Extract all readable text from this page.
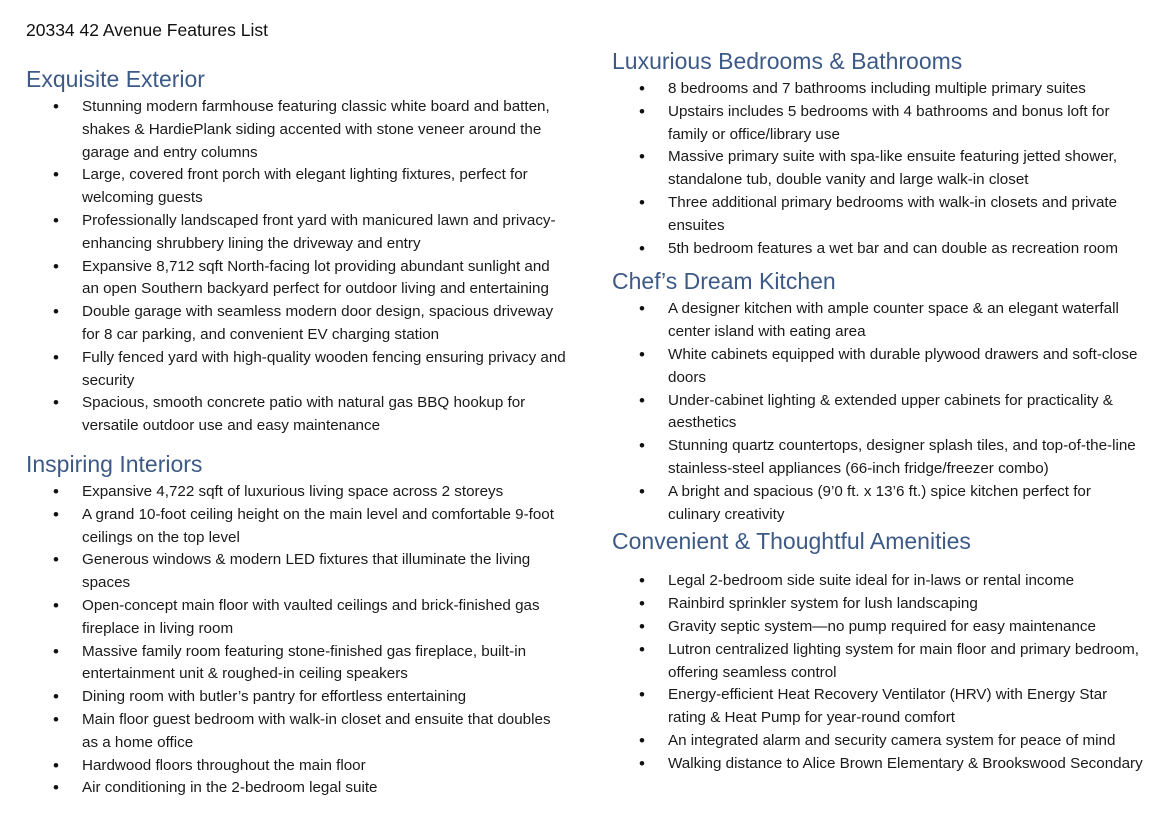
20334 42 Avenue Features List
Exquisite Exterior
• Stunning modern farmhouse featuring classic white board and batten, shakes & HardiePlank siding accented with stone veneer around the garage and entry columns
• Large, covered front porch with elegant lighting fixtures, perfect for welcoming guests
• Professionally landscaped front yard with manicured lawn and privacy-enhancing shrubbery lining the driveway and entry
• Expansive 8,712 sqft North-facing lot providing abundant sunlight and an open Southern backyard perfect for outdoor living and entertaining
• Double garage with seamless modern door design, spacious driveway for 8 car parking, and convenient EV charging station
• Fully fenced yard with high-quality wooden fencing ensuring privacy and security
• Spacious, smooth concrete patio with natural gas BBQ hookup for versatile outdoor use and easy maintenance
Inspiring Interiors
• Expansive 4,722 sqft of luxurious living space across 2 storeys
• A grand 10-foot ceiling height on the main level and comfortable 9-foot ceilings on the top level
• Generous windows & modern LED fixtures that illuminate the living spaces
• Open-concept main floor with vaulted ceilings and brick-finished gas fireplace in living room
• Massive family room featuring stone-finished gas fireplace, built-in entertainment unit & roughed-in ceiling speakers
• Dining room with butler’s pantry for effortless entertaining
• Main floor guest bedroom with walk-in closet and ensuite that doubles as a home office
• Hardwood floors throughout the main floor
• Air conditioning in the 2-bedroom legal suite
Luxurious Bedrooms & Bathrooms
• 8 bedrooms and 7 bathrooms including multiple primary suites
• Upstairs includes 5 bedrooms with 4 bathrooms and bonus loft for family or office/library use
• Massive primary suite with spa-like ensuite featuring jetted shower, standalone tub, double vanity and large walk-in closet
• Three additional primary bedrooms with walk-in closets and private ensuites
• 5th bedroom features a wet bar and can double as recreation room
Chef’s Dream Kitchen
• A designer kitchen with ample counter space & an elegant waterfall center island with eating area
• White cabinets equipped with durable plywood drawers and soft-close doors
• Under-cabinet lighting & extended upper cabinets for practicality & aesthetics
• Stunning quartz countertops, designer splash tiles, and top-of-the-line stainless-steel appliances (66-inch fridge/freezer combo)
• A bright and spacious (9’0 ft. x 13’6 ft.) spice kitchen perfect for culinary creativity
Convenient & Thoughtful Amenities
• Legal 2-bedroom side suite ideal for in-laws or rental income
• Rainbird sprinkler system for lush landscaping
• Gravity septic system—no pump required for easy maintenance
• Lutron centralized lighting system for main floor and primary bedroom, offering seamless control
• Energy-efficient Heat Recovery Ventilator (HRV) with Energy Star rating & Heat Pump for year-round comfort
• An integrated alarm and security camera system for peace of mind
• Walking distance to Alice Brown Elementary & Brookswood Secondary
